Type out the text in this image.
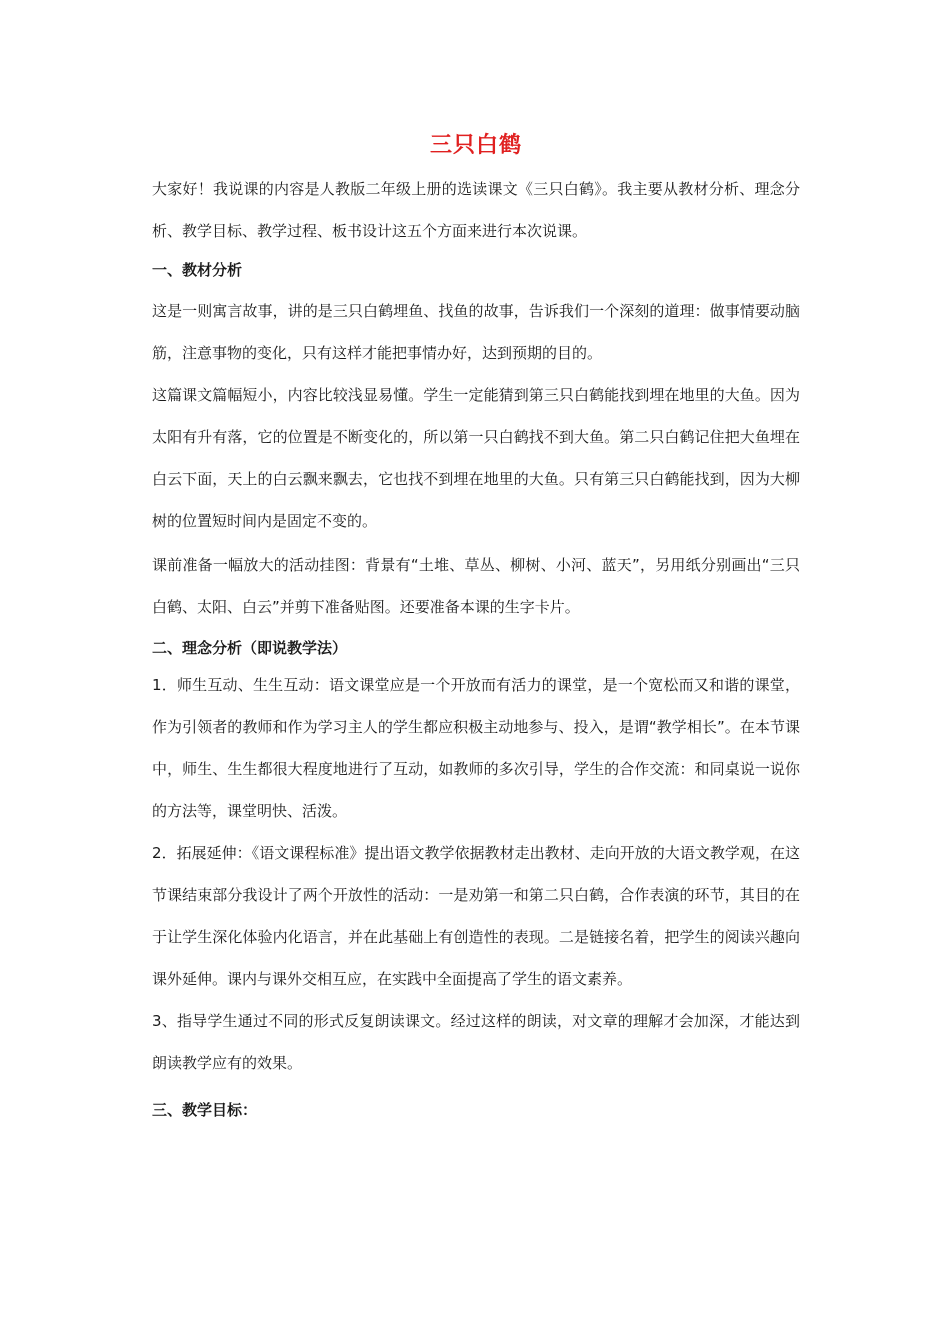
三只白鹤

大家好！我说课的内容是人教版二年级上册的选读课文《三只白鹤》。我主要从教材分析、理念分析、教学目标、教学过程、板书设计这五个方面来进行本次说课。

一、教材分析

这是一则寓言故事，讲的是三只白鹤埋鱼、找鱼的故事，告诉我们一个深刻的道理：做事情要动脑筋，注意事物的变化，只有这样才能把事情办好，达到预期的目的。

这篇课文篇幅短小，内容比较浅显易懂。学生一定能猜到第三只白鹤能找到埋在地里的大鱼。因为太阳有升有落，它的位置是不断变化的，所以第一只白鹤找不到大鱼。第二只白鹤记住把大鱼埋在白云下面，天上的白云飘来飘去，它也找不到埋在地里的大鱼。只有第三只白鹤能找到，因为大柳树的位置短时间内是固定不变的。

课前准备一幅放大的活动挂图：背景有“土堆、草丛、柳树、小河、蓝天”，另用纸分别画出“三只白鹤、太阳、白云”并剪下准备贴图。还要准备本课的生字卡片。

二、理念分析（即说教学法）

1．师生互动、生生互动：语文课堂应是一个开放而有活力的课堂，是一个宽松而又和谐的课堂，作为引领者的教师和作为学习主人的学生都应积极主动地参与、投入，是谓“教学相长”。在本节课中，师生、生生都很大程度地进行了互动，如教师的多次引导，学生的合作交流：和同桌说一说你的方法等，课堂明快、活泼。

2．拓展延伸：《语文课程标准》提出语文教学依据教材走出教材、走向开放的大语文教学观，在这节课结束部分我设计了两个开放性的活动：一是劝第一和第二只白鹤，合作表演的环节，其目的在于让学生深化体验内化语言，并在此基础上有创造性的表现。二是链接名着，把学生的阅读兴趣向课外延伸。课内与课外交相互应，在实践中全面提高了学生的语文素养。

3、指导学生通过不同的形式反复朗读课文。经过这样的朗读，对文章的理解才会加深，才能达到朗读教学应有的效果。

三、教学目标：
